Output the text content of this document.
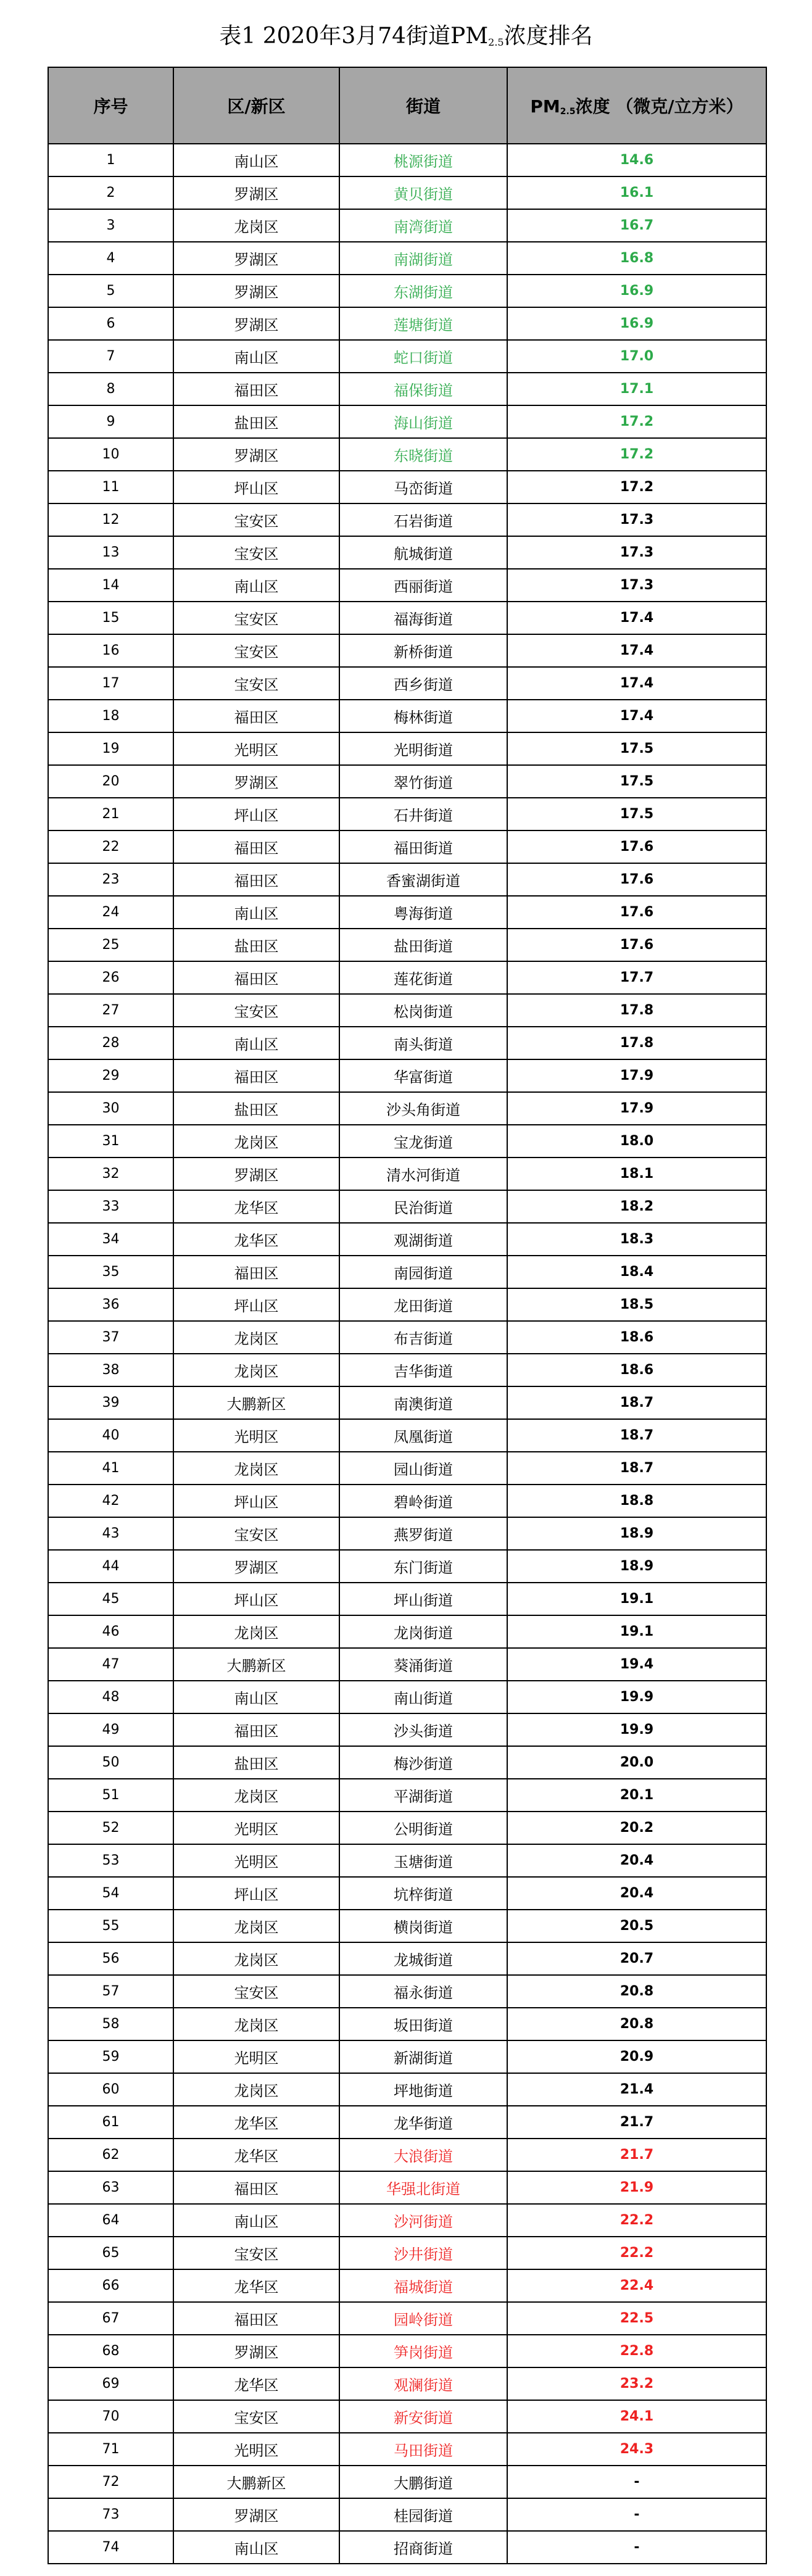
表1 2020年3月74街道$PM_{2.5}$浓度排名
序号	区/新区	街道	$PM_{2.5}$浓度 （微克/立方米）
1	南山区	桃源街道	14.6
2	罗湖区	黄贝街道	16.1
3	龙岗区	南湾街道	16.7
4	罗湖区	南湖街道	16.8
5	罗湖区	东湖街道	16.9
6	罗湖区	莲塘街道	16.9
7	南山区	蛇口街道	17.0
8	福田区	福保街道	17.1
9	盐田区	海山街道	17.2
10	罗湖区	东晓街道	17.2
11	坪山区	马峦街道	17.2
12	宝安区	石岩街道	17.3
13	宝安区	航城街道	17.3
14	南山区	西丽街道	17.3
15	宝安区	福海街道	17.4
16	宝安区	新桥街道	17.4
17	宝安区	西乡街道	17.4
18	福田区	梅林街道	17.4
19	光明区	光明街道	17.5
20	罗湖区	翠竹街道	17.5
21	坪山区	石井街道	17.5
22	福田区	福田街道	17.6
23	福田区	香蜜湖街道	17.6
24	南山区	粤海街道	17.6
25	盐田区	盐田街道	17.6
26	福田区	莲花街道	17.7
27	宝安区	松岗街道	17.8
28	南山区	南头街道	17.8
29	福田区	华富街道	17.9
30	盐田区	沙头角街道	17.9
31	龙岗区	宝龙街道	18.0
32	罗湖区	清水河街道	18.1
33	龙华区	民治街道	18.2
34	龙华区	观湖街道	18.3
35	福田区	南园街道	18.4
36	坪山区	龙田街道	18.5
37	龙岗区	布吉街道	18.6
38	龙岗区	吉华街道	18.6
39	大鹏新区	南澳街道	18.7
40	光明区	凤凰街道	18.7
41	龙岗区	园山街道	18.7
42	坪山区	碧岭街道	18.8
43	宝安区	燕罗街道	18.9
44	罗湖区	东门街道	18.9
45	坪山区	坪山街道	19.1
46	龙岗区	龙岗街道	19.1
47	大鹏新区	葵涌街道	19.4
48	南山区	南山街道	19.9
49	福田区	沙头街道	19.9
50	盐田区	梅沙街道	20.0
51	龙岗区	平湖街道	20.1
52	光明区	公明街道	20.2
53	光明区	玉塘街道	20.4
54	坪山区	坑梓街道	20.4
55	龙岗区	横岗街道	20.5
56	龙岗区	龙城街道	20.7
57	宝安区	福永街道	20.8
58	龙岗区	坂田街道	20.8
59	光明区	新湖街道	20.9
60	龙岗区	坪地街道	21.4
61	龙华区	龙华街道	21.7
62	龙华区	大浪街道	21.7
63	福田区	华强北街道	21.9
64	南山区	沙河街道	22.2
65	宝安区	沙井街道	22.2
66	龙华区	福城街道	22.4
67	福田区	园岭街道	22.5
68	罗湖区	笋岗街道	22.8
69	龙华区	观澜街道	23.2
70	宝安区	新安街道	24.1
71	光明区	马田街道	24.3
72	大鹏新区	大鹏街道	-
73	罗湖区	桂园街道	-
74	南山区	招商街道	-
